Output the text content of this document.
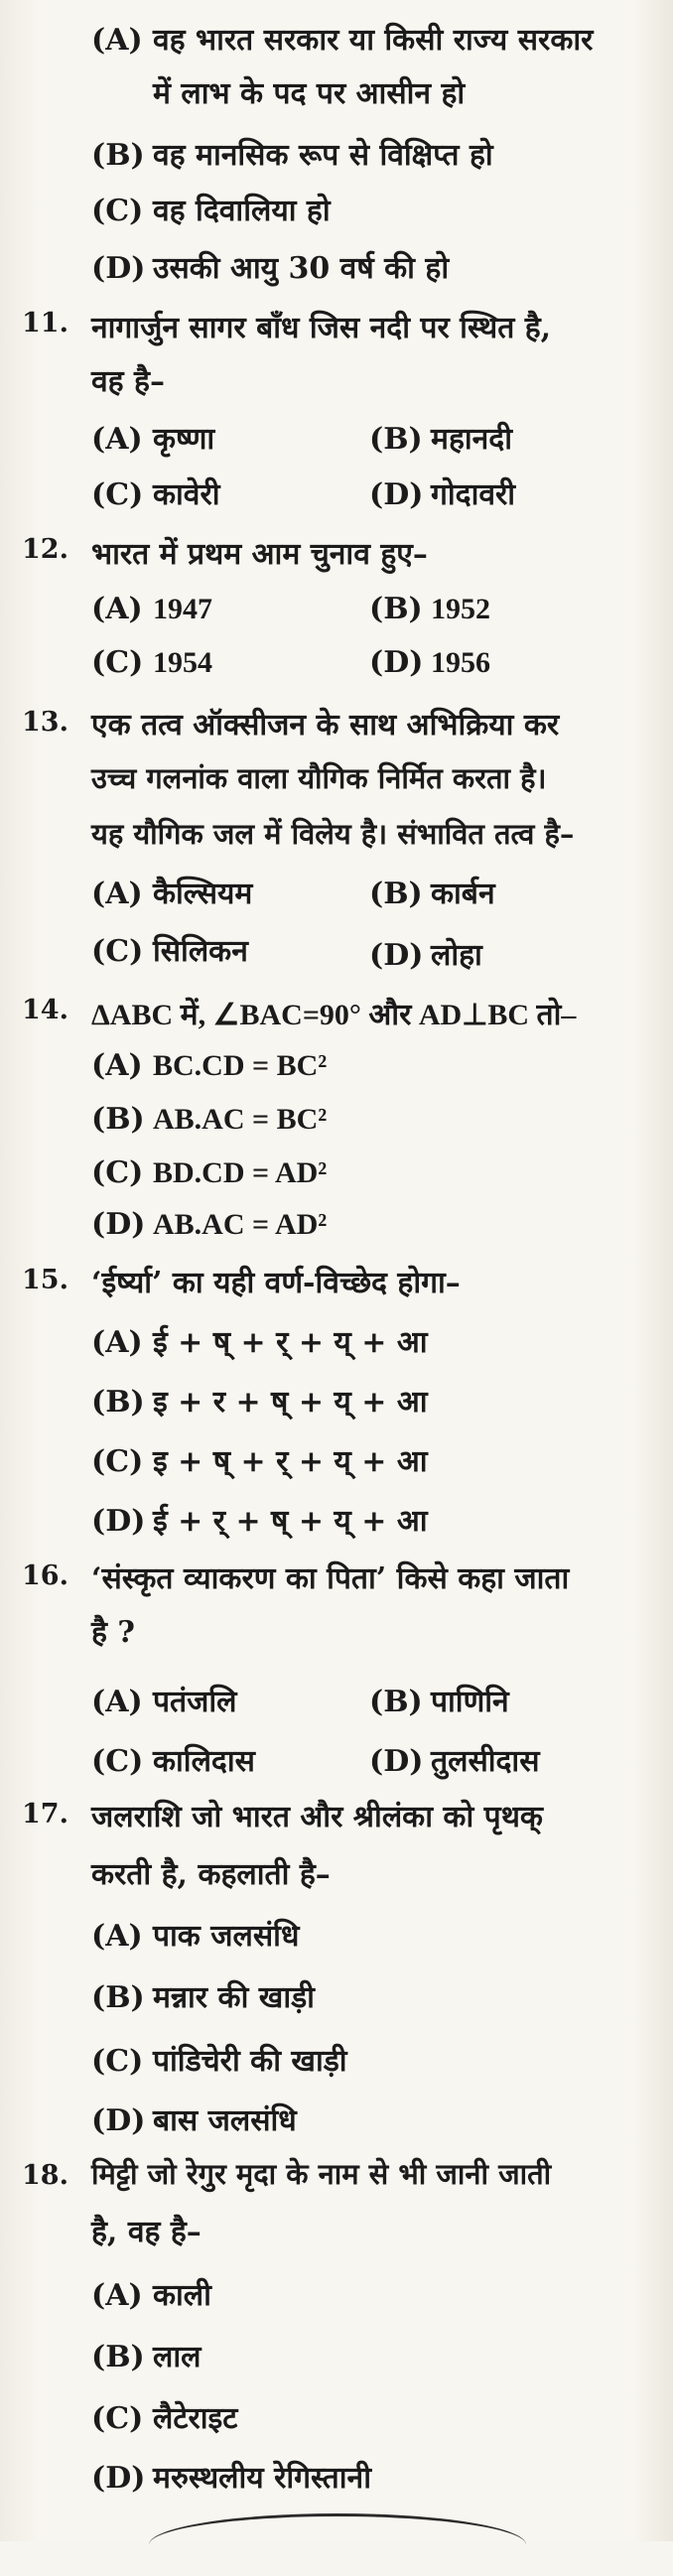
(A) वह भारत सरकार या किसी राज्य सरकार
में लाभ के पद पर आसीन हो
(B) वह मानसिक रूप से विक्षिप्त हो
(C) वह दिवालिया हो
(D) उसकी आयु 30 वर्ष की हो
11. नागार्जुन सागर बाँध जिस नदी पर स्थित है,
वह है–
(A) कृष्णा	(B) महानदी
(C) कावेरी	(D) गोदावरी
12. भारत में प्रथम आम चुनाव हुए–
(A) 1947	(B) 1952
(C) 1954	(D) 1956
13. एक तत्व ऑक्सीजन के साथ अभिक्रिया कर
उच्च गलनांक वाला यौगिक निर्मित करता है।
यह यौगिक जल में विलेय है। संभावित तत्व है–
(A) कैल्सियम	(B) कार्बन
(C) सिलिकन	(D) लोहा
14. ΔABC में, ∠BAC=90° और AD⊥BC तो–
(A) BC.CD = BC²
(B) AB.AC = BC²
(C) BD.CD = AD²
(D) AB.AC = AD²
15. ‘ईर्ष्या’ का यही वर्ण-विच्छेद होगा–
(A) ई + ष् + र् + य् + आ
(B) इ + र + ष् + य् + आ
(C) इ + ष् + र् + य् + आ
(D) ई + र् + ष् + य् + आ
16. ‘संस्कृत व्याकरण का पिता’ किसे कहा जाता
है ?
(A) पतंजलि	(B) पाणिनि
(C) कालिदास	(D) तुलसीदास
17. जलराशि जो भारत और श्रीलंका को पृथक्
करती है, कहलाती है–
(A) पाक जलसंधि
(B) मन्नार की खाड़ी
(C) पांडिचेरी की खाड़ी
(D) बास जलसंधि
18. मिट्टी जो रेगुर मृदा के नाम से भी जानी जाती
है, वह है–
(A) काली
(B) लाल
(C) लैटेराइट
(D) मरुस्थलीय रेगिस्तानी
